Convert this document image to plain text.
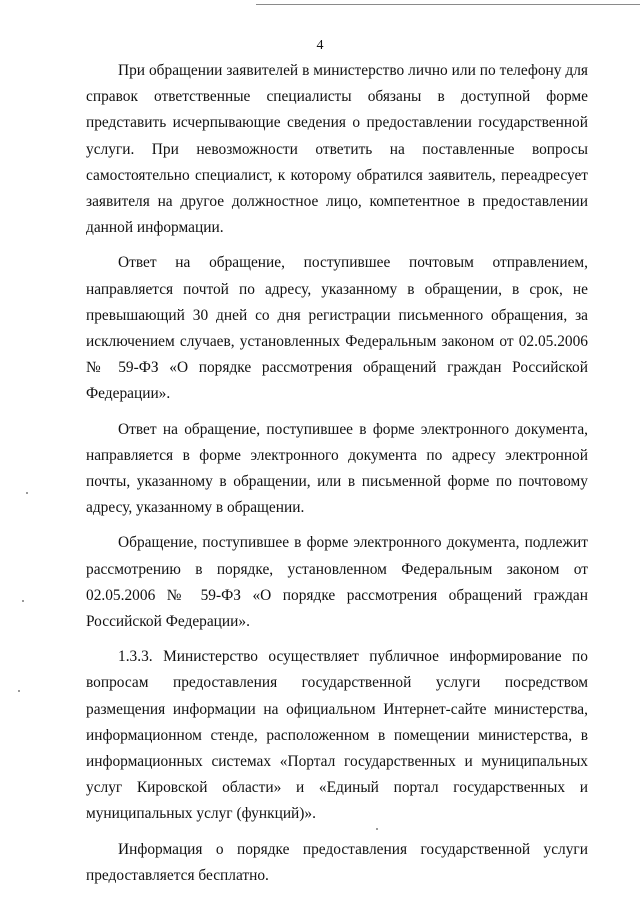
4

При обращении заявителей в министерство лично или по телефону для справок ответственные специалисты обязаны в доступной форме представить исчерпывающие сведения о предоставлении государственной услуги. При невозможности ответить на поставленные вопросы самостоятельно специалист, к которому обратился заявитель, переадресует заявителя на другое должностное лицо, компетентное в предоставлении данной информации.

Ответ на обращение, поступившее почтовым отправлением, направляется почтой по адресу, указанному в обращении, в срок, не превышающий 30 дней со дня регистрации письменного обращения, за исключением случаев, установленных Федеральным законом от 02.05.2006 № 59-ФЗ «О порядке рассмотрения обращений граждан Российской Федерации».

Ответ на обращение, поступившее в форме электронного документа, направляется в форме электронного документа по адресу электронной почты, указанному в обращении, или в письменной форме по почтовому адресу, указанному в обращении.

Обращение, поступившее в форме электронного документа, подлежит рассмотрению в порядке, установленном Федеральным законом от 02.05.2006 № 59-ФЗ «О порядке рассмотрения обращений граждан Российской Федерации».

1.3.3. Министерство осуществляет публичное информирование по вопросам предоставления государственной услуги посредством размещения информации на официальном Интернет-сайте министерства, информационном стенде, расположенном в помещении министерства, в информационных системах «Портал государственных и муниципальных услуг Кировской области» и «Единый портал государственных и муниципальных услуг (функций)».

Информация о порядке предоставления государственной услуги предоставляется бесплатно.
